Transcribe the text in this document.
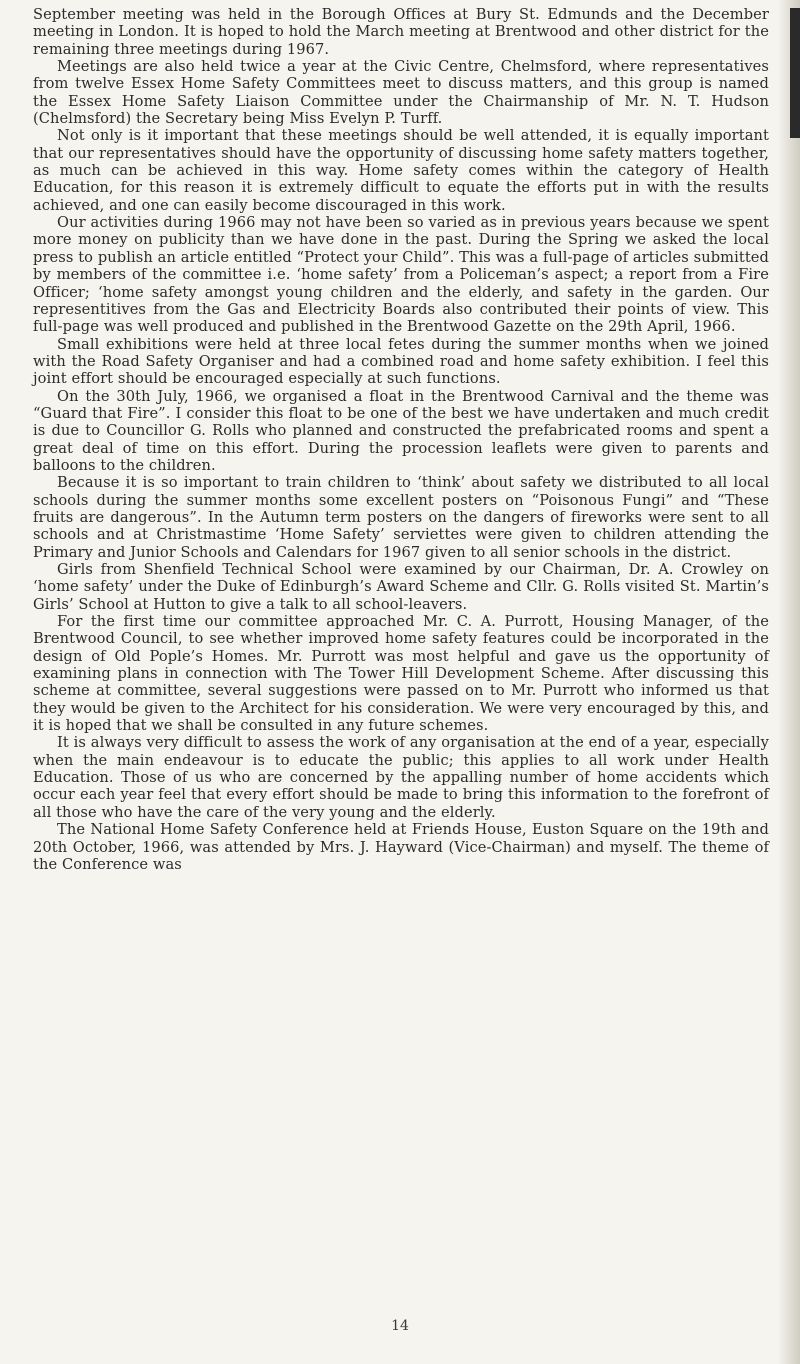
September meeting was held in the Borough Offices at Bury St. Edmunds and the December meeting in London. It is hoped to hold the March meeting at Brentwood and other district for the remaining three meetings during 1967.

Meetings are also held twice a year at the Civic Centre, Chelmsford, where representatives from twelve Essex Home Safety Committees meet to discuss matters, and this group is named the Essex Home Safety Liaison Committee under the Chairmanship of Mr. N. T. Hudson (Chelmsford) the Secretary being Miss Evelyn P. Turff.

Not only is it important that these meetings should be well attended, it is equally important that our representatives should have the opportunity of discussing home safety matters together, as much can be achieved in this way. Home safety comes within the category of Health Education, for this reason it is extremely difficult to equate the efforts put in with the results achieved, and one can easily become discouraged in this work.

Our activities during 1966 may not have been so varied as in previous years because we spent more money on publicity than we have done in the past. During the Spring we asked the local press to publish an article entitled “Protect your Child”. This was a full-page of articles submitted by members of the committee i.e. ‘home safety’ from a Policeman’s aspect; a report from a Fire Officer; ‘home safety amongst young children and the elderly, and safety in the garden. Our representitives from the Gas and Electricity Boards also contributed their points of view. This full-page was well produced and published in the Brentwood Gazette on the 29th April, 1966.

Small exhibitions were held at three local fetes during the summer months when we joined with the Road Safety Organiser and had a combined road and home safety exhibition. I feel this joint effort should be encouraged especially at such functions.

On the 30th July, 1966, we organised a float in the Brentwood Carnival and the theme was “Guard that Fire”. I consider this float to be one of the best we have undertaken and much credit is due to Councillor G. Rolls who planned and constructed the prefabricated rooms and spent a great deal of time on this effort. During the procession leaflets were given to parents and balloons to the children.

Because it is so important to train children to ‘think’ about safety we distributed to all local schools during the summer months some excellent posters on “Poisonous Fungi” and “These fruits are dangerous”. In the Autumn term posters on the dangers of fireworks were sent to all schools and at Christmastime ‘Home Safety’ serviettes were given to children attending the Primary and Junior Schools and Calendars for 1967 given to all senior schools in the district.

Girls from Shenfield Technical School were examined by our Chairman, Dr. A. Crowley on ‘home safety’ under the Duke of Edinburgh’s Award Scheme and Cllr. G. Rolls visited St. Martin’s Girls’ School at Hutton to give a talk to all school-leavers.

For the first time our committee approached Mr. C. A. Purrott, Housing Manager, of the Brentwood Council, to see whether improved home safety features could be incorporated in the design of Old Pople’s Homes. Mr. Purrott was most helpful and gave us the opportunity of examining plans in connection with The Tower Hill Development Scheme. After discussing this scheme at committee, several suggestions were passed on to Mr. Purrott who informed us that they would be given to the Architect for his consideration. We were very encouraged by this, and it is hoped that we shall be consulted in any future schemes.

It is always very difficult to assess the work of any organisation at the end of a year, especially when the main endeavour is to educate the public; this applies to all work under Health Education. Those of us who are concerned by the appalling number of home accidents which occur each year feel that every effort should be made to bring this information to the forefront of all those who have the care of the very young and the elderly.

The National Home Safety Conference held at Friends House, Euston Square on the 19th and 20th October, 1966, was attended by Mrs. J. Hayward (Vice-Chairman) and myself. The theme of the Conference was

14
